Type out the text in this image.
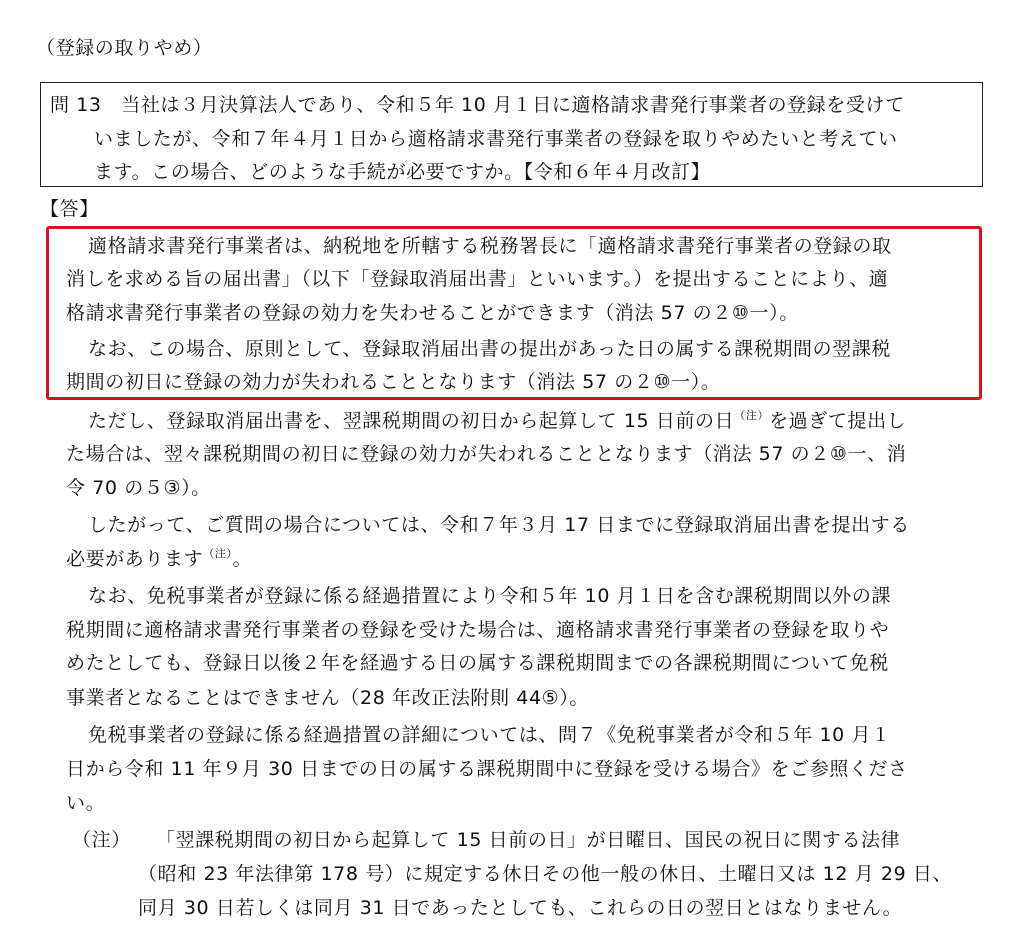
（登録の取りやめ）
問 13　当社は３月決算法人であり、令和５年 10 月１日に適格請求書発行事業者の登録を受けて
いましたが、令和７年４月１日から適格請求書発行事業者の登録を取りやめたいと考えてい
ます。この場合、どのような手続が必要ですか。【令和６年４月改訂】
【答】
適格請求書発行事業者は、納税地を所轄する税務署長に「適格請求書発行事業者の登録の取
消しを求める旨の届出書」（以下「登録取消届出書」といいます。）を提出することにより、適
格請求書発行事業者の登録の効力を失わせることができます（消法 57 の２⑩一）。
なお、この場合、原則として、登録取消届出書の提出があった日の属する課税期間の翌課税
期間の初日に登録の効力が失われることとなります（消法 57 の２⑩一）。
ただし、登録取消届出書を、翌課税期間の初日から起算して 15 日前の日$^{(注)}$を過ぎて提出し
た場合は、翌々課税期間の初日に登録の効力が失われることとなります（消法 57 の２⑩一、消
令 70 の５③）。
したがって、ご質問の場合については、令和７年３月 17 日までに登録取消届出書を提出する
必要があります$^{(注)}$。
なお、免税事業者が登録に係る経過措置により令和５年 10 月１日を含む課税期間以外の課
税期間に適格請求書発行事業者の登録を受けた場合は、適格請求書発行事業者の登録を取りや
めたとしても、登録日以後２年を経過する日の属する課税期間までの各課税期間について免税
事業者となることはできません（28 年改正法附則 44⑤）。
免税事業者の登録に係る経過措置の詳細については、問７《免税事業者が令和５年 10 月１
日から令和 11 年９月 30 日までの日の属する課税期間中に登録を受ける場合》をご参照くださ
い。
（注） 「翌課税期間の初日から起算して 15 日前の日」が日曜日、国民の祝日に関する法律
（昭和 23 年法律第 178 号）に規定する休日その他一般の休日、土曜日又は 12 月 29 日、
同月 30 日若しくは同月 31 日であったとしても、これらの日の翌日とはなりません。
